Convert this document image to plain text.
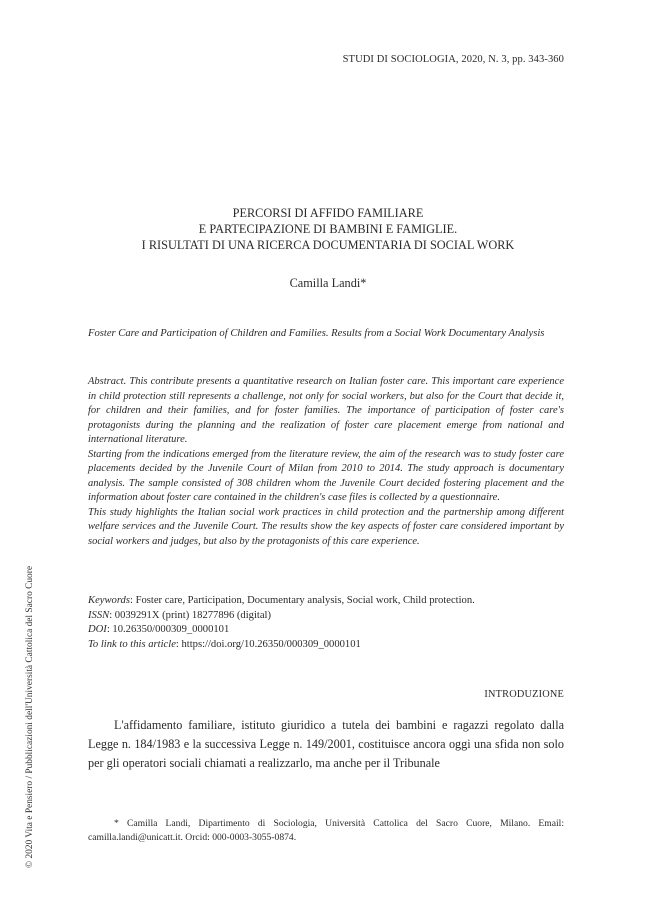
STUDI DI SOCIOLOGIA, 2020, N. 3, pp. 343-360
PERCORSI DI AFFIDO FAMILIARE
E PARTECIPAZIONE DI BAMBINI E FAMIGLIE.
I RISULTATI DI UNA RICERCA DOCUMENTARIA DI SOCIAL WORK
Camilla Landi*
Foster Care and Participation of Children and Families. Results from a Social Work Documentary Analysis

Abstract. This contribute presents a quantitative research on Italian foster care. This important care experience in child protection still represents a challenge, not only for social workers, but also for the Court that decide it, for children and their families, and for foster families. The importance of participation of foster care's protagonists during the planning and the realization of foster care placement emerge from national and international literature.

Starting from the indications emerged from the literature review, the aim of the research was to study foster care placements decided by the Juvenile Court of Milan from 2010 to 2014. The study approach is documentary analysis. The sample consisted of 308 children whom the Juvenile Court decided fostering placement and the information about foster care contained in the children's case files is collected by a questionnaire.

This study highlights the Italian social work practices in child protection and the partnership among different welfare services and the Juvenile Court. The results show the key aspects of foster care considered important by social workers and judges, but also by the protagonists of this care experience.

Keywords: Foster care, Participation, Documentary analysis, Social work, Child protection.
ISSN: 0039291X (print) 18277896 (digital)
DOI: 10.26350/000309_0000101
To link to this article: https://doi.org/10.26350/000309_0000101
INTRODUZIONE

L'affidamento familiare, istituto giuridico a tutela dei bambini e ragazzi regolato dalla Legge n. 184/1983 e la successiva Legge n. 149/2001, costituisce ancora oggi una sfida non solo per gli operatori sociali chiamati a realizzarlo, ma anche per il Tribunale

* Camilla Landi, Dipartimento di Sociologia, Università Cattolica del Sacro Cuore, Milano. Email: camilla.landi@unicatt.it. Orcid: 000-0003-3055-0874.

© 2020 Vita e Pensiero / Pubblicazioni dell'Università Cattolica del Sacro Cuore
